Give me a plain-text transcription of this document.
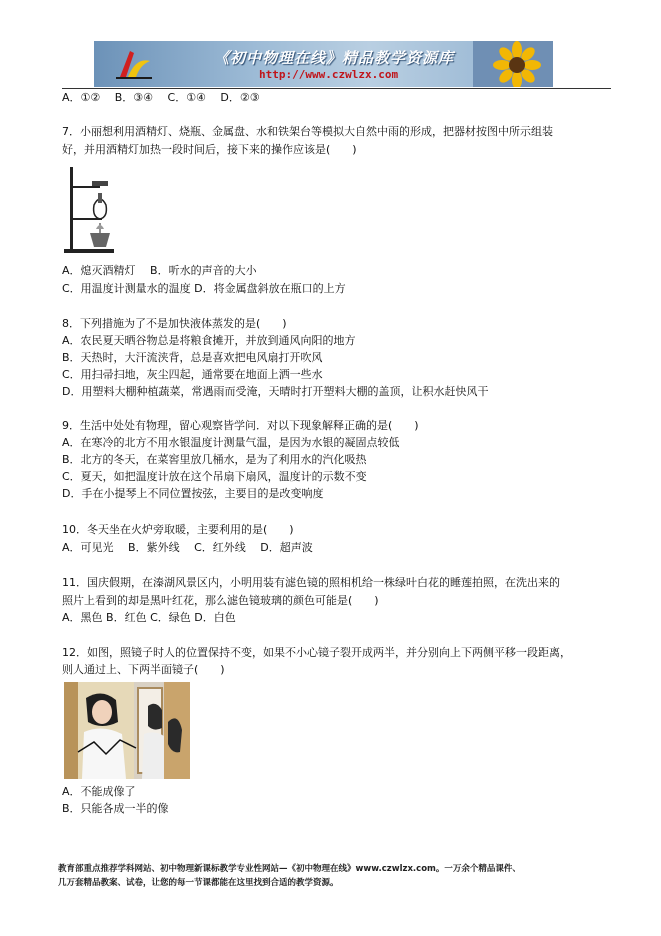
《初中物理在线》精品教学资源库
http://www.czwlzx.com
A．①②　 B．③④　 C．①④　 D．②③
7．小丽想利用酒精灯、烧瓶、金属盘、水和铁架台等模拟大自然中雨的形成，把器材按图中所示组装
好，并用酒精灯加热一段时间后，接下来的操作应该是(　　)
A．熄灭酒精灯　 B．听水的声音的大小
C．用温度计测量水的温度 D．将金属盘斜放在瓶口的上方
8．下列措施为了不是加快液体蒸发的是(　　)
A．农民夏天晒谷物总是将粮食摊开，并放到通风向阳的地方
B．天热时，大汗流浃背，总是喜欢把电风扇打开吹风
C．用扫帚扫地，灰尘四起，通常要在地面上洒一些水
D．用塑料大棚种植蔬菜，常遇雨而受淹，天晴时打开塑料大棚的盖顶，让积水赶快风干
9．生活中处处有物理，留心观察皆学问．对以下现象解释正确的是(　　)
A．在寒冷的北方不用水银温度计测量气温，是因为水银的凝固点较低
B．北方的冬天，在菜窖里放几桶水，是为了利用水的汽化吸热
C．夏天，如把温度计放在这个吊扇下扇风，温度计的示数不变
D．手在小提琴上不同位置按弦，主要目的是改变响度
10．冬天坐在火炉旁取暖，主要利用的是(　　)
A．可见光　 B．紫外线　 C．红外线　 D．超声波
11．国庆假期，在溱湖风景区内，小明用装有滤色镜的照相机给一株绿叶白花的睡莲拍照，在洗出来的
照片上看到的却是黑叶红花，那么滤色镜玻璃的颜色可能是(　　)
A．黑色 B．红色 C．绿色 D．白色
12．如图，照镜子时人的位置保持不变，如果不小心镜子裂开成两半，并分别向上下两侧平移一段距离，
则人通过上、下两半面镜子(　　)
A．不能成像了
B．只能各成一半的像
教育部重点推荐学科网站、初中物理新课标教学专业性网站—《初中物理在线》www.czwlzx.com。一万余个精品课件、
几万套精品教案、试卷，让您的每一节课都能在这里找到合适的教学资源。
